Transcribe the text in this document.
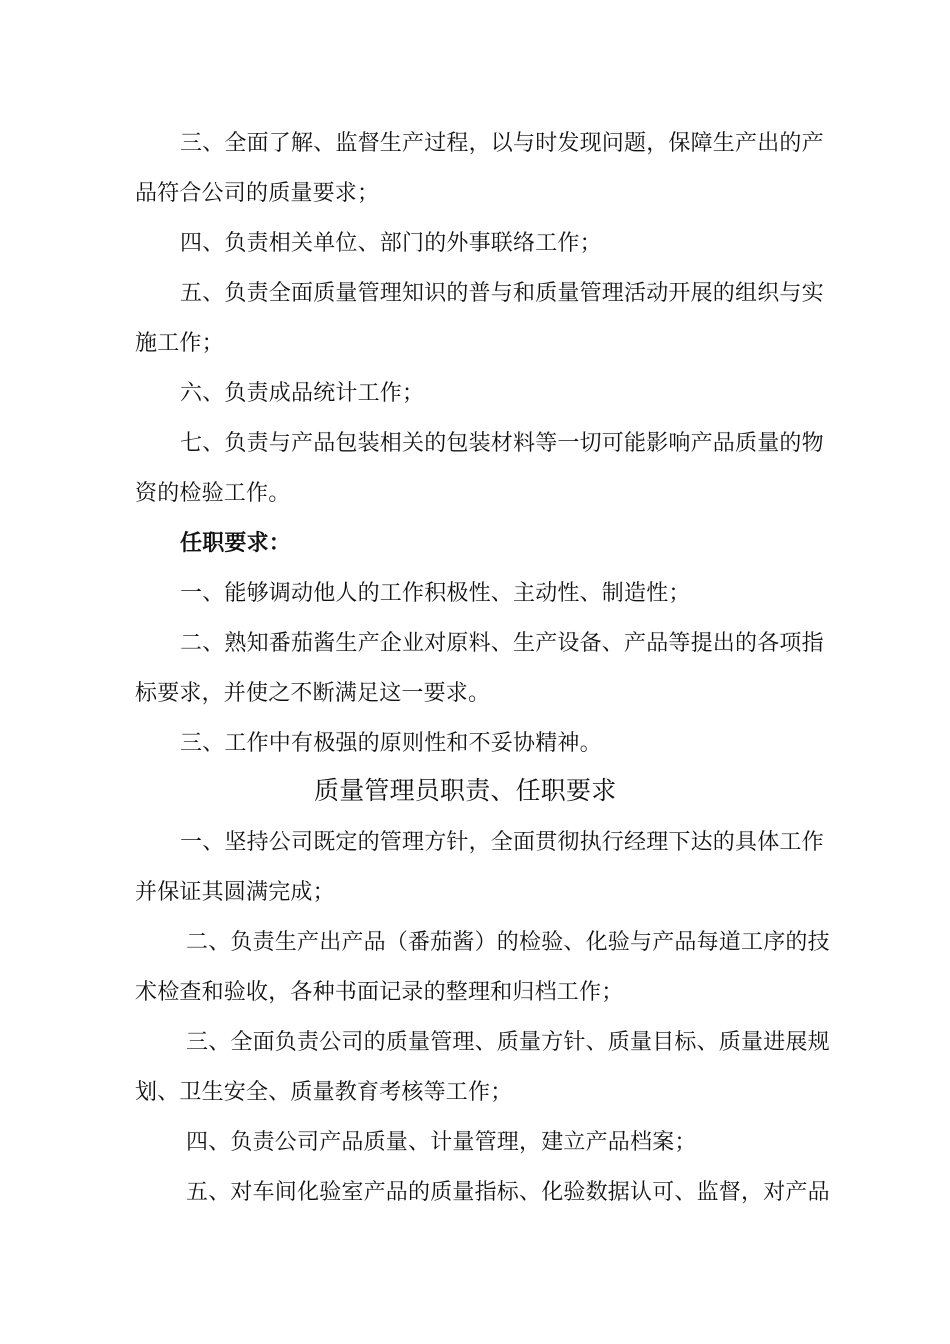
三、全面了解、监督生产过程，以与时发现问题，保障生产出的产
品符合公司的质量要求；
四、负责相关单位、部门的外事联络工作；
五、负责全面质量管理知识的普与和质量管理活动开展的组织与实
施工作；
六、负责成品统计工作；
七、负责与产品包装相关的包装材料等一切可能影响产品质量的物
资的检验工作。
任职要求：
一、能够调动他人的工作积极性、主动性、制造性；
二、熟知番茄酱生产企业对原料、生产设备、产品等提出的各项指
标要求，并使之不断满足这一要求。
三、工作中有极强的原则性和不妥协精神。
质量管理员职责、任职要求
一、坚持公司既定的管理方针，全面贯彻执行经理下达的具体工作
并保证其圆满完成；
二、负责生产出产品（番茄酱）的检验、化验与产品每道工序的技
术检查和验收，各种书面记录的整理和归档工作；
三、全面负责公司的质量管理、质量方针、质量目标、质量进展规
划、卫生安全、质量教育考核等工作；
四、负责公司产品质量、计量管理，建立产品档案；
五、对车间化验室产品的质量指标、化验数据认可、监督，对产品
